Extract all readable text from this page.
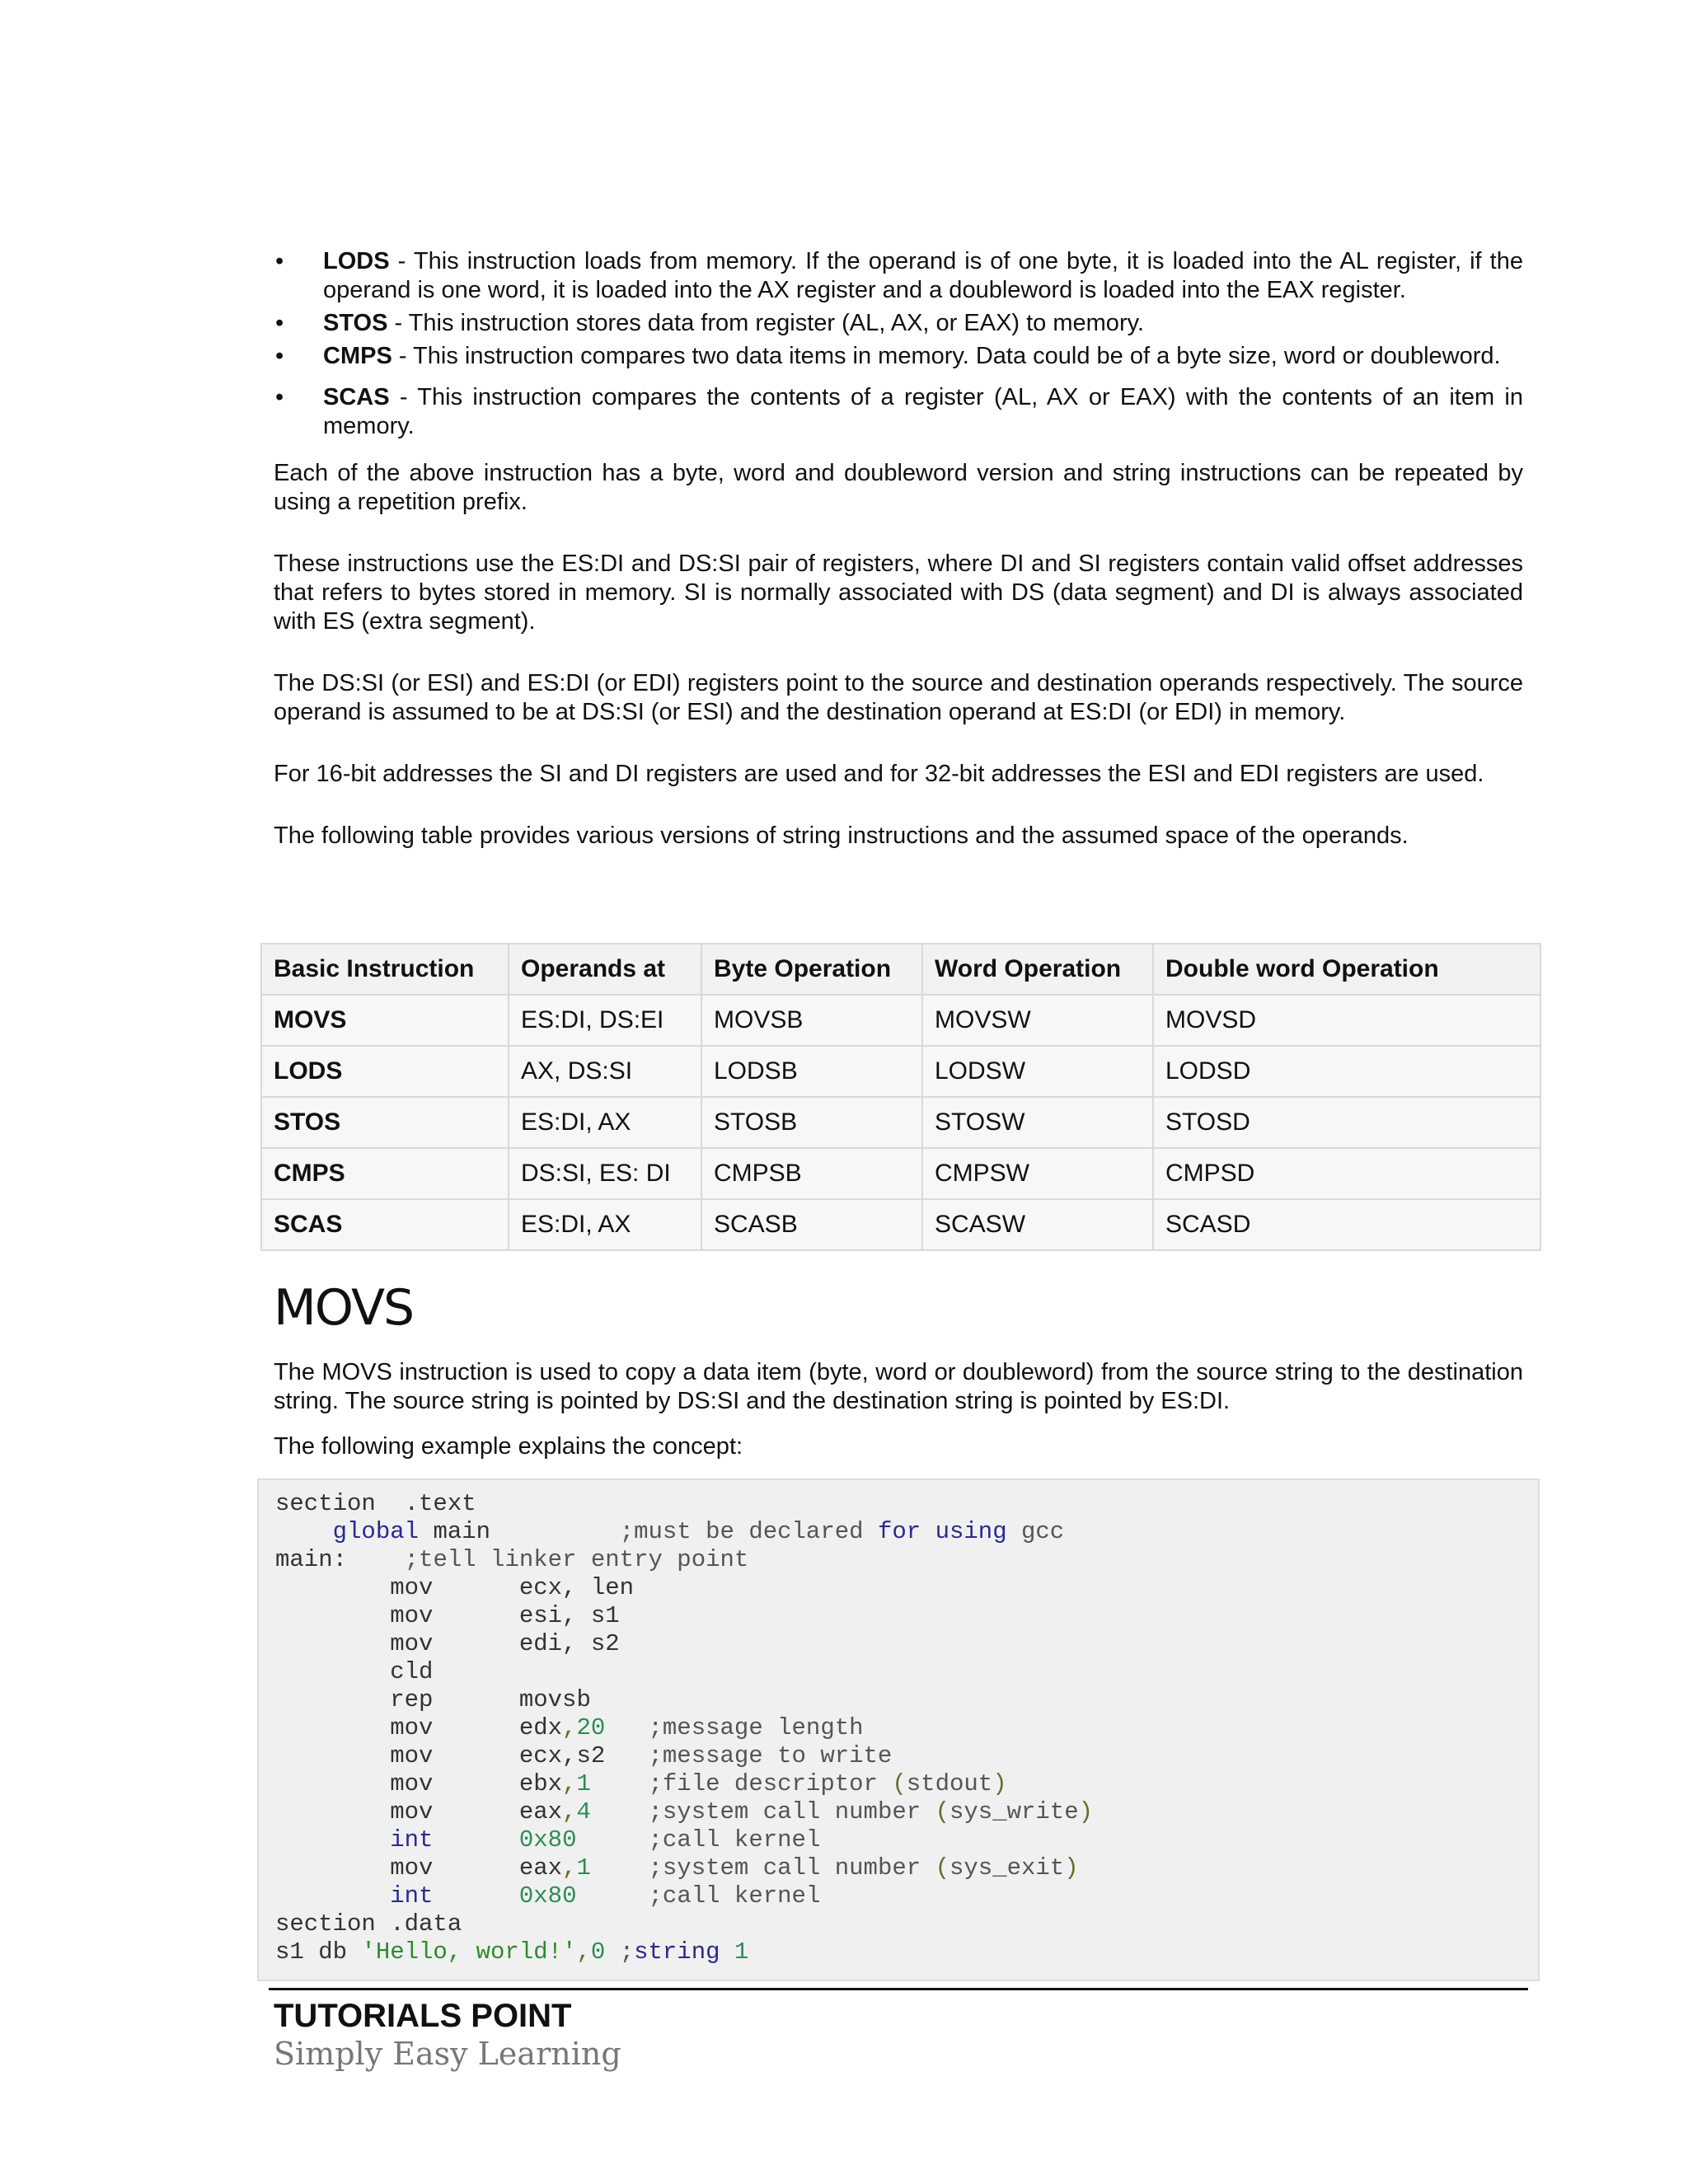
• LODS - This instruction loads from memory. If the operand is of one byte, it is loaded into the AL register, if the operand is one word, it is loaded into the AX register and a doubleword is loaded into the EAX register.
• STOS - This instruction stores data from register (AL, AX, or EAX) to memory.
• CMPS - This instruction compares two data items in memory. Data could be of a byte size, word or doubleword.
• SCAS - This instruction compares the contents of a register (AL, AX or EAX) with the contents of an item in memory.

Each of the above instruction has a byte, word and doubleword version and string instructions can be repeated by using a repetition prefix.

These instructions use the ES:DI and DS:SI pair of registers, where DI and SI registers contain valid offset addresses that refers to bytes stored in memory. SI is normally associated with DS (data segment) and DI is always associated with ES (extra segment).

The DS:SI (or ESI) and ES:DI (or EDI) registers point to the source and destination operands respectively. The source operand is assumed to be at DS:SI (or ESI) and the destination operand at ES:DI (or EDI) in memory.

For 16-bit addresses the SI and DI registers are used and for 32-bit addresses the ESI and EDI registers are used.

The following table provides various versions of string instructions and the assumed space of the operands.

Basic Instruction	Operands at	Byte Operation	Word Operation	Double word Operation
MOVS	ES:DI, DS:EI	MOVSB	MOVSW	MOVSD
LODS	AX, DS:SI	LODSB	LODSW	LODSD
STOS	ES:DI, AX	STOSB	STOSW	STOSD
CMPS	DS:SI, ES: DI	CMPSB	CMPSW	CMPSD
SCAS	ES:DI, AX	SCASB	SCASW	SCASD
MOVS

The MOVS instruction is used to copy a data item (byte, word or doubleword) from the source string to the destination string. The source string is pointed by DS:SI and the destination string is pointed by ES:DI.

The following example explains the concept:

section  .text
global main         ;must be declared for using gcc
main:    ;tell linker entry point
mov      ecx, len
mov      esi, s1
mov      edi, s2
cld
rep      movsb
mov      edx,20 ;message length
mov      ecx,s2   ;message to write
mov      ebx,1 ;file descriptor (stdout)
mov      eax,4 ;system call number (sys_write)
int	0x80	;call kernel
mov      eax,1 ;system call number (sys_exit)
int	0x80	;call kernel
section .data
s1 db 'Hello, world!',0 ;string 1
TUTORIALS POINT
Simply Easy Learning
